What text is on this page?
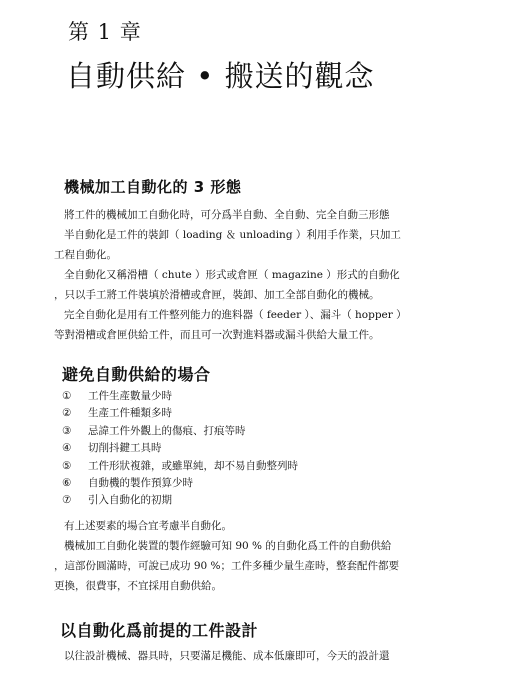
第 1 章
自動供給 • 搬送的觀念
機械加工自動化的 3 形態
將工件的機械加工自動化時，可分爲半自動、全自動、完全自動三形態
半自動化是工件的裝卸（ loading ＆ unloading ）利用手作業，只加工
工程自動化。
全自動化又稱滑槽（ chute ）形式或倉匣（ magazine ）形式的自動化
，只以手工將工件裝填於滑槽或倉匣，裝卸、加工全部自動化的機械。
完全自動化是用有工件整列能力的進料器（ feeder ）、漏斗（ hopper ）
等對滑槽或倉匣供給工件，而且可一次對進料器或漏斗供給大量工件。
避免自動供給的場合
① 工件生產數量少時
② 生產工件種類多時
③ 忌諱工件外觀上的傷痕、打痕等時
④ 切削抖鍵工具時
⑤ 工件形狀複雜，或雖單純，却不易自動整列時
⑥ 自動機的製作預算少時
⑦ 引入自動化的初期
有上述要素的場合宜考慮半自動化。
機械加工自動化裝置的製作經驗可知 90 % 的自動化爲工件的自動供給
，這部份圓滿時，可說已成功 90 %；工件多種少量生產時，整套配件都要
更換，很費事，不宜採用自動供給。
以自動化爲前提的工件設計
以往設計機械、器具時，只要滿足機能、成本低廉即可，今天的設計還
